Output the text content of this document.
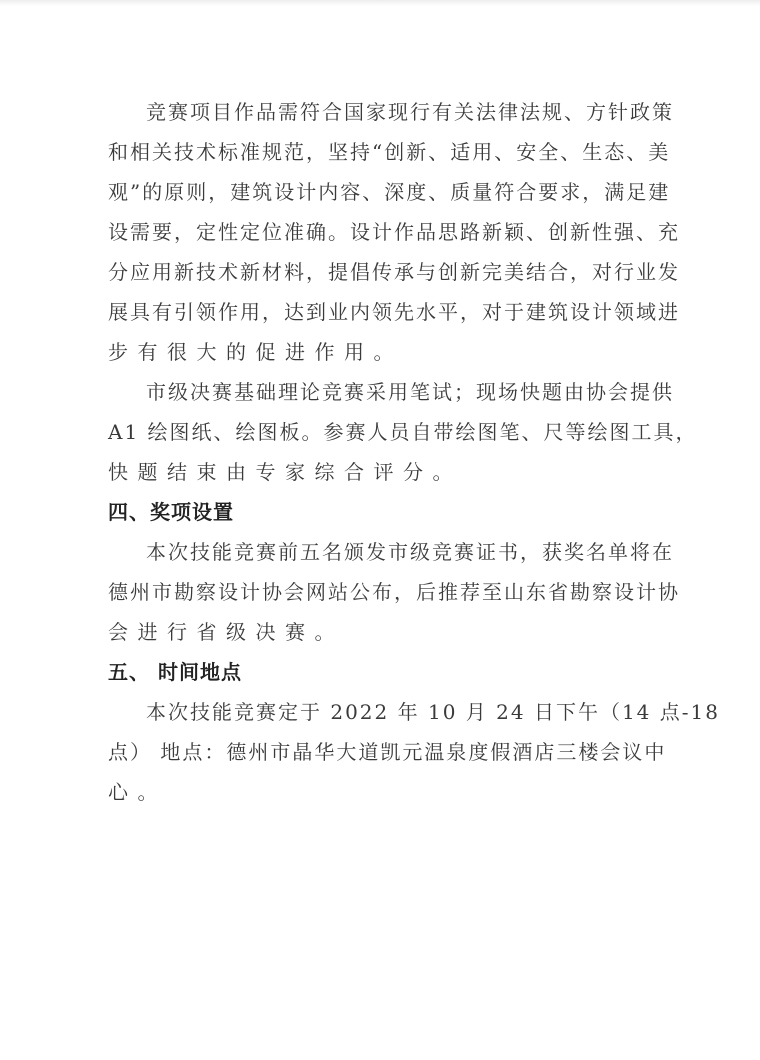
竞赛项目作品需符合国家现行有关法律法规、方针政策
和相关技术标准规范，坚持“创新、适用、安全、生态、美
观”的原则，建筑设计内容、深度、质量符合要求，满足建
设需要，定性定位准确。设计作品思路新颖、创新性强、充
分应用新技术新材料，提倡传承与创新完美结合，对行业发
展具有引领作用，达到业内领先水平，对于建筑设计领域进
步有很大的促进作用。
市级决赛基础理论竞赛采用笔试；现场快题由协会提供
A1 绘图纸、绘图板。参赛人员自带绘图笔、尺等绘图工具，
快题结束由专家综合评分。
四、奖项设置
本次技能竞赛前五名颁发市级竞赛证书，获奖名单将在
德州市勘察设计协会网站公布，后推荐至山东省勘察设计协
会进行省级决赛。
五、 时间地点
本次技能竞赛定于 2022 年 10 月 24 日下午（14 点-18
点） 地点：德州市晶华大道凯元温泉度假酒店三楼会议中
心。
